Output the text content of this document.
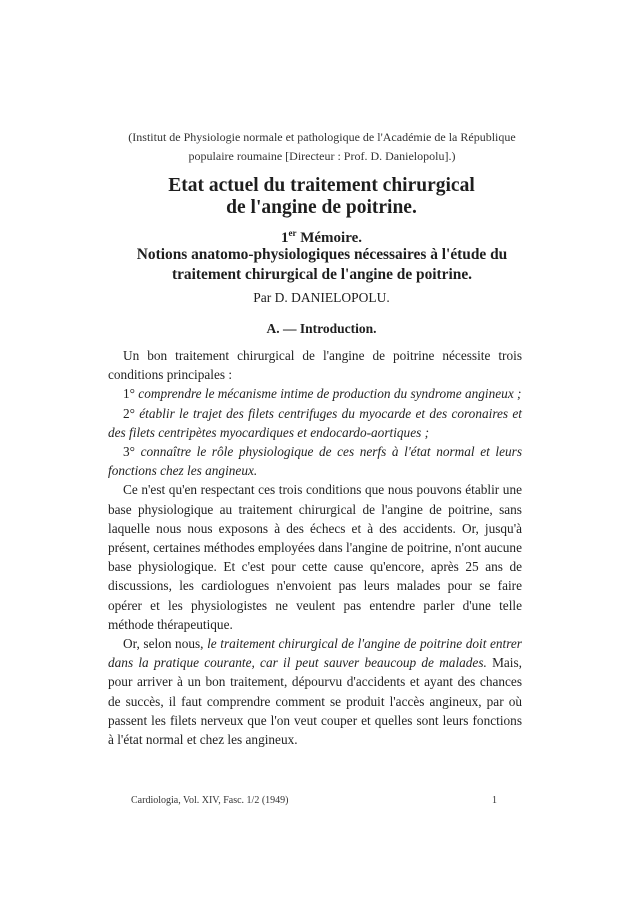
(Institut de Physiologie normale et pathologique de l'Académie de la République populaire roumaine [Directeur : Prof. D. Danielopolu].)
Etat actuel du traitement chirurgical
de l'angine de poitrine.
1er Mémoire.
Notions anatomo-physiologiques nécessaires à l'étude du traitement chirurgical de l'angine de poitrine.
Par D. DANIELOPOLU.
A. — Introduction.

Un bon traitement chirurgical de l'angine de poitrine nécessite trois conditions principales :

1° comprendre le mécanisme intime de production du syndrome angineux ;

2° établir le trajet des filets centrifuges du myocarde et des coronaires et des filets centripètes myocardiques et endocardo-aortiques ;

3° connaître le rôle physiologique de ces nerfs à l'état normal et leurs fonctions chez les angineux.

Ce n'est qu'en respectant ces trois conditions que nous pouvons établir une base physiologique au traitement chirurgical de l'angine de poitrine, sans laquelle nous nous exposons à des échecs et à des accidents. Or, jusqu'à présent, certaines méthodes employées dans l'angine de poitrine, n'ont aucune base physiologique. Et c'est pour cette cause qu'encore, après 25 ans de discussions, les cardiologues n'envoient pas leurs malades pour se faire opérer et les physiologistes ne veulent pas entendre parler d'une telle méthode thérapeutique.

Or, selon nous, le traitement chirurgical de l'angine de poitrine doit entrer dans la pratique courante, car il peut sauver beaucoup de malades. Mais, pour arriver à un bon traitement, dépourvu d'accidents et ayant des chances de succès, il faut comprendre comment se produit l'accès angineux, par où passent les filets nerveux que l'on veut couper et quelles sont leurs fonctions à l'état normal et chez les angineux.

Cardiologia, Vol. XIV, Fasc. 1/2 (1949)	1
